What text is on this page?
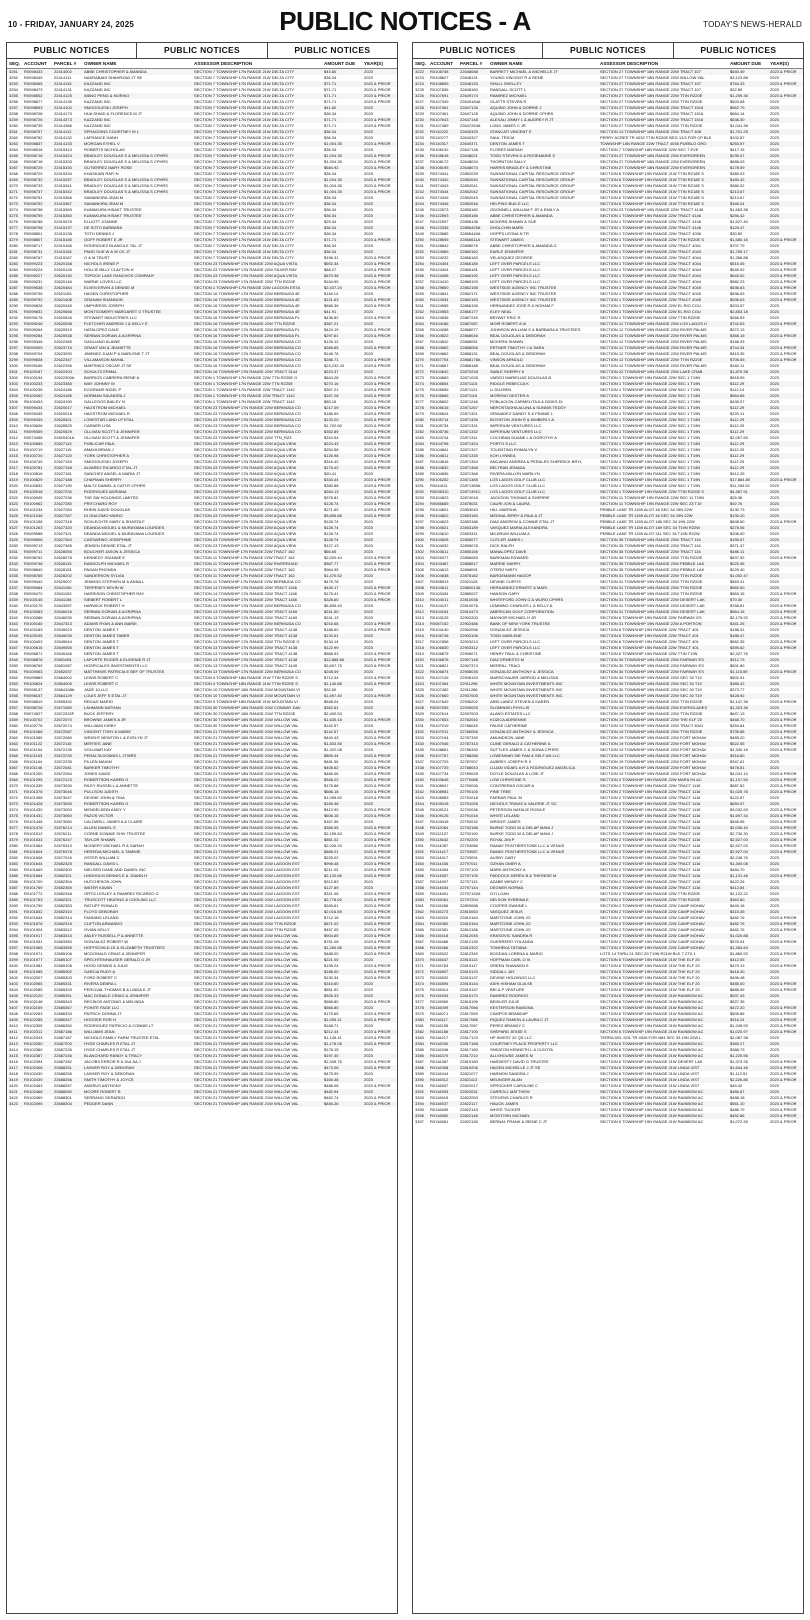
10 - FRIDAY, JANUARY 24, 2025	PUBLIC NOTICES - A	TODAY'S NEWS-HERALD
PUBLIC NOTICES	PUBLIC NOTICES	PUBLIC NOTICES
SEQ. ACCOUNT	PARCEL #	OWNER NAME	ASSESSOR DESCRIPTION	AMOUNT DUE	YEAR(S)
3251	R0098433	22414002	ABBE CHRISTOPHER & AMANDA	SECTION 7 TOWNSHIP 17N RANGE 21W DELTA CITY	$43.60	2023
3252	R0098449	22414111	NASRABADI SHAHRZAD JT SE	SECTION 7 TOWNSHIP 17N RANGE 21W DELTA CITY	$36.34	2023
3253	R0098465	22414115	KAZZAND INC	SECTION 7 TOWNSHIP 17N RANGE 21W DELTA CITY	$71.71	2023 & PRIOR
3254	R0098473	22414131	KAZZAND INC	SECTION 7 TOWNSHIP 17N RANGE 21W DELTA CITY	$71.71	2023 & PRIOR
3255	R0098502	22414125	WANG PENG & NORIKO	SECTION 7 TOWNSHIP 17N RANGE 21W DELTA CITY	$71.71	2023 & PRIOR
3256	R0098677	22414135	KAZZAND INC	SECTION 7 TOWNSHIP 17N RANGE 21W DELTA CITY	$71.71	2023 & PRIOR
3257	R0098693	22414102	SMOGOLESKI JOSEPH	SECTION 7 TOWNSHIP 17N RANGE 21W DELTA CITY	$41.82	2023
3258	R0098708	22414173	HUA SHIAD & FLORENCE M JT	SECTION 7 TOWNSHIP 17N RANGE 21W DELTA CITY	$36.34	2023
3259	R0098726	22414373	KAZZAND INC	SECTION 7 TOWNSHIP 17N RANGE 21W DELTA CITY	$71.71	2023 & PRIOR
3260	R0098735	22414386	KAZZAND INC	SECTION 7 TOWNSHIP 17N RANGE 21W DELTA CITY	$71.71	2023 & PRIOR
3261	R0098757	22414112	SPRAGGINS COURTNEY M L	SECTION 7 TOWNSHIP 17N RANGE 21W DELTA CITY	$36.34	2023
3262	R0098782	22414132	LAFRANCE HANH	SECTION 7 TOWNSHIP 17N RANGE 21W DELTA CITY	$36.34	2023
3263	R0098837	22414133	MORGAN ETHEL V	SECTION 7 TOWNSHIP 17N RANGE 21W DELTA CITY	$1,004.35	2023 & PRIOR
3264	R0098918	22415313	ROBERTS NICHOLAS	SECTION 7 TOWNSHIP 17N RANGE 21W DELTA CITY	$36.34	2023
3265	R0098716	22415324	BRADLEY DOUGLAS S & MELISSA S CPHRS	SECTION 7 TOWNSHIP 17N RANGE 21W DELTA CITY	$1,004.35	2023 & PRIOR
3266	R0098718	22415325	BRADLEY DOUGLAS S & MELISSA S CPHRS	SECTION 7 TOWNSHIP 17N RANGE 21W DELTA CITY	$1,004.35	2023 & PRIOR
3267	R0098729	22415330	GUTIERREZ MARY ROSE	SECTION 7 TOWNSHIP 17N RANGE 21W DELTA CITY	$684.92	2023 & PRIOR
3268	R0098729	22415334	KHASKIAN RAFI N	SECTION 7 TOWNSHIP 17N RANGE 21W DELTA CITY	$36.34	2023
3269	R0098732	22415337	BRADLEY DOUGLAS S & MELISSA S CPHRS	SECTION 7 TOWNSHIP 17N RANGE 21W DELTA CITY	$1,004.35	2023 & PRIOR
3270	R0098733	22415341	BRADLEY DOUGLAS S & MELISSA S CPHRS	SECTION 7 TOWNSHIP 17N RANGE 21W DELTA CITY	$1,004.35	2023 & PRIOR
3271	R0098737	22415342	BRADLEY DOUGLAS S & MELISSA S CPHRS	SECTION 7 TOWNSHIP 17N RANGE 21W DELTA CITY	$1,004.35	2023 & PRIOR
3272	R0098751	22415366	SAMANKIRA JEAN M	SECTION 7 TOWNSHIP 17N RANGE 21W DELTA CITY	$36.34	2023
3273	R0098752	22415367	SAMANKIRA JEAN M	SECTION 7 TOWNSHIP 17N RANGE 21W DELTA CITY	$36.34	2023
3274	R0098758	22415369	KUMAKURA HISAKT TRUSTEE	SECTION 7 TOWNSHIP 17N RANGE 21W DELTA CITY	$36.34	2023
3275	R0098759	22415360	KUMAKURA HISAKT TRUSTEE	SECTION 7 TOWNSHIP 17N RANGE 21W DELTA CITY	$36.34	2023
3276	R0098788	22415375	ELLIOTT JOANNE	SECTION 7 TOWNSHIP 17N RANGE 21W DELTA CITY	$25.34	2023
3277	R0098798	22415137	DE SOTO BARBARA	SECTION 7 TOWNSHIP 17N RANGE 21W DELTA CITY	$36.34	2023
3278	R0098801	22415138	TOTH DENNIS J	SECTION 7 TOWNSHIP 17N RANGE 21W DELTA CITY	$36.34	2023
3279	R0098807	22415185	GOFF ROBERT E JR	SECTION 7 TOWNSHIP 17N RANGE 21W DELTA CITY	$71.71	2023 & PRIOR
3280	R0098717	22415166	RODRIGUEZ BLANCA E TAL JT	SECTION 7 TOWNSHIP 17N RANGE 21W DELTA CITY	$36.34	2023
3281	R0098731	22415182	PANG SUK W & W CK JT	SECTION 7 TOWNSHIP 17N RANGE 21W DELTA CITY	$36.34	2023
3282	R0098767	22415167	O & M TRUST	SECTION 7 TOWNSHIP 17N RANGE 21W DELTA CITY	$196.31	2023 & PRIOR
3283	R0099223	22620158	NICHOLS IRENE P	SECTION 23 TOWNSHIP 17N RANGE 22W AQUA VISTA	$692.34	2023 & PRIOR
3284	R0099224	22620126	HOLLIE BILLY CLAYTON H	SECTION 23 TOWNSHIP 17N RANGE 22W SILVER RAY	$88.27	2023 & PRIOR
3285	R0099227	22620130	TOPOCK LAKE RANCHOS COMPANY	SECTION 23 TOWNSHIP 17N RANGE 22W AQUA VISTA	$670.38	2023 & PRIOR
3286	R0099231	22620146	WARNE LOVES LLC	SECTION 23 TOWNSHIP 17N RANGE 22W TTN RZ20E	$184.90	2023 & PRIOR
3287	R0099638	22620484	ELVEN ERVIN & DENISE M	SECTION 1 TOWNSHIP 17N RANGE 22W LAGOON ESTA	$2,437.24	2023 & PRIOR
3288	R0099736	22621105	HAGEN CHRISTOPHER	SECTION 16 TOWNSHIP 17N RANGE 22W BERMUDA 4E	$118.14	2023
3289	R0099792	22621408	GRAHAM SHANNON	SECTION 16 TOWNSHIP 17N RANGE 22W BERMUDA 4E	$121.63	2023 & PRIOR
3290	R0099826	22620345	UMPHRESS JOSEPH	SECTION 16 TOWNSHIP 17N RANGE 22W BERMUDA 4E	$666.36	2023 & PRIOR
3291	R0099831	22620666	MONTGOMERY MARGARET G TRUSTEE	SECTION 16 TOWNSHIP 17N RANGE 22W BERMUDA 4E	$41.91	2023
3292	R0099176	22620526	STEWART INDUSTRIES LLC	SECTION 16 TOWNSHIP 17N RANGE 22W BERMUDA PL	$436.82	2023 & PRIOR
3293	R0099246	22620598	FLETCHER ANDREW J & KELLY E	SECTION 16 TOWNSHIP 17N RANGE 22W TTN RZ20E	$367.21	2023
3294	R0099264	22620519	HATALOPEZ DALE	SECTION 16 TOWNSHIP 17N RANGE 22W BERMUDA PL	$424.19	2023 & PRIOR
3295	R0099284	22620538	SERBAN DORIAN & AGRIPINA	SECTION 16 TOWNSHIP 17N RANGE 22W BERMUDA PL	$297.61	2023 & PRIOR
3296	R0099346	22622385	GAGLIANO ALAINE	SECTION 16 TOWNSHIP 17N RANGE 22W BERMUDA CO	$125.12	2023
3297	R0099409	22623715	GRANT IAN & JEANETTE	SECTION 16 TOWNSHIP 17N RANGE 22W BERMUDA CO	$266.65	2023 & PRIOR
3298	R0099704	22623290	JIMENEZ JUAN P & MARLENE T JT	SECTION 16 TOWNSHIP 17N RANGE 22W BERMUDA CO	$146.78	2023
3299	R0099838	22622347	VILLAMASON MAHAL	SECTION 16 TOWNSHIP 17N RANGE 22W BERMUDA CO	$286.71	2023 & PRIOR
3300	R0099166	22622396	MARTINEZ OSCAR JT SE	SECTION 16 TOWNSHIP 17N RANGE 22W BERMUDA CO	$23,232.43	2023 & PRIOR
3301	R0100187	22622403	SCHULTZ ERMAL	SECTION 16 TOWNSHIP 17N RANGE 22W TRACT 3144	$223.37	2023
3302	R0100194	22622300A	BARRIOS CABRERA IRENE A	SECTION 1 TOWNSHIP 17N RANGE 22W TTN RZ20E G	$644.28	2023 & PRIOR
3303	R0100233	22623385	WAY JOHNNY M	SECTION 1 TOWNSHIP 17N RANGE 22W TTN RZ20E	$270.16	2023 & PRIOR
3304	R0100236	22624186	EGGRAMS NIGEL P	SECTION 1 TOWNSHIP 17N RANGE 22W TRACT 1142	$367.21	2023 & PRIOR
3305	R0100452	22624185	NORMAN SAUNDRA J	SECTION 1 TOWNSHIP 17N RANGE 22W TRACT 1142	$167.28	2023 & PRIOR
3306	R0100453	22624190	GALLEGOS BAILEY N	SECTION 1 TOWNSHIP 17N RANGE 22W TRACT 1142	$85.16	2023 & PRIOR
3307	R0099434	22620017	HAGSTROM MICHAEL	SECTION 23 TOWNSHIP 17N RANGE 22W BERMUDA CO	$217.09	2023 & PRIOR
3308	R0099435	22620018	HAGSTROM MICHAEL R	SECTION 23 TOWNSHIP 17N RANGE 22W BERMUDA CO	$186.59	2023 & PRIOR
3309	R0099439	22620521	LONESTAR LAND LP ETAL	SECTION 23 TOWNSHIP 17N RANGE 22W BERMUDA CO	$133.20	2023 & PRIOR
3310	R0100606	22626525	CARNER LISA	SECTION 23 TOWNSHIP 17N RANGE 22W BERMUDA CO	$1,792.60	2023 & PRIOR
3311	R0099359	22620529	OLLIVAN SCOTT & JENNIFER	SECTION 23 TOWNSHIP 17N RANGE 22W BERMUDA CO	$352.89	2023 & PRIOR
3312	R0074458	22820401A	OLLIVAN SCOTT & JENNIFER	SECTION 23 TOWNSHIP 17N RANGE 22W TTN_RZZ	$310.94	2023 & PRIOR
3313	R0100689	22627113	PUBLICAR PAUL	SECTION 23 TOWNSHIP 17N RANGE 22W AQUA VIEW	$224.43	2023 & PRIOR
3314	R0100719	22627115	AMAYA BRIAN J	SECTION 23 TOWNSHIP 17N RANGE 22W AQUA VIEW	$254.58	2023 & PRIOR
3315	R0100720	22627120	YORK CHRISTOPHER A	SECTION 23 TOWNSHIP 17N RANGE 22W AQUA VIEW	$126.98	2023 & PRIOR
3316	R0100749	22627153	SMOGOLESKI JOSEPH	SECTION 23 TOWNSHIP 17N RANGE 22W AQUA VIEW	$316.42	2023 & PRIOR
3317	R0100781	22627158	ALVAREZ RICARDO ETAL JT	SECTION 23 TOWNSHIP 17N RANGE 22W AQUA VIEW	$175.42	2023 & PRIOR
3318	R0100816	22627181	SANCHEZ ANGEL & MARIA JT	SECTION 23 TOWNSHIP 17N RANGE 22W AQUA VIEW	$20.41	2023
3319	R0100829	22627188	CHAPMAN SHERRY	SECTION 23 TOWNSHIP 17N RANGE 22W AQUA VIEW	$333.44	2023 & PRIOR
3320	R0100832	22627190	MALTZ DANIEL & CATHY CPHRS	SECTION 23 TOWNSHIP 17N RANGE 22W AQUA VIEW	$380.88	2023 & PRIOR
3321	R0100918	22627230	RODRIGUEZ ADRIANA	SECTION 23 TOWNSHIP 17N RANGE 22W AQUA VIEW	$284.13	2023 & PRIOR
3322	R0100945	22627236	THE SW HOLDINGS LIMITED	SECTION 23 TOWNSHIP 17N RANGE 22W AQUA VIEW	$378.81	2023 & PRIOR
3323	R0100962	22627280	PRITCHARD ROY	SECTION 23 TOWNSHIP 17N RANGE 22W AQUA VIEW	$128.74	2023 & PRIOR
3324	R0101034	22627283	RHEIN DAVID DOUGLAS	SECTION 23 TOWNSHIP 17N RANGE 22W AQUA VIEW	$271.60	2023 & PRIOR
3325	R0101036	22627287	DI GIACOMO MARIO	SECTION 23 TOWNSHIP 17N RANGE 22W AQUA VIEW	$5,855.88	2023 & PRIOR
3326	R0101038	22627318	SCHLECHTE MARY & SHASTA F	SECTION 23 TOWNSHIP 17N RANGE 22W AQUA VIEW	$128.74	2023
3327	R0101263	22627320	DEANDA MIGUEL & MURAYAMA LOURDES	SECTION 23 TOWNSHIP 17N RANGE 22W AQUA VIEW	$128.74	2023
3328	R0099588	22627321	DEANDA MIGUEL & MURAYAMA LOURDES	SECTION 23 TOWNSHIP 17N RANGE 22W AQUA VIEW	$128.74	2023
3329	R0099606	22627364	CASSARINO JOSEPHINE	SECTION 23 TOWNSHIP 17N RANGE 22W AQUA VIEW	$128.74	2023
3330	R0099713	22627365	JENSEN DENISE ETAL JT	SECTION 23 TOWNSHIP 17N RANGE 22W AQUA VIEW	$127.13	2023
3331	R0099711	22628055	BOUCHER JASON & JESSICA	SECTION 11 TOWNSHIP 17N RANGE 22W TRACT 162	$66.65	2023
3332	R0098762	22628078	KENNEDY JEANNIE E	SECTION 11 TOWNSHIP 17N RANGE 22W TRACT 162	$2,520.44	2023 & PRIOR
3333	R0099748	22628115	RANDOLPH MICHAEL R	SECTION 11 TOWNSHIP 17N RANGE 22W RIVERROAD	$567.77	2023 & PRIOR
3334	R0098840	22628181	PAGAN RHONDA	SECTION 11 TOWNSHIP 17N RANGE 22W TRACT 162	$964.95	2023 & PRIOR
3335	R0098765	22628202	SANDERSON SYLVIA	SECTION 11 TOWNSHIP 17N RANGE 22W TRACT 162	$1,470.52	2023
3336	R0099442	22629007	JENKINS STEPHEN M & ANNA L	SECTION 11 TOWNSHIP 17N RANGE 22W BERMUDA CO	$475.78	2023
3337	R0099464	22641106	TERPENEY KEVIN W	SECTION 14 TOWNSHIP 17N RANGE 22W TRACT 1166	$426.17	2023 & PRIOR
3338	R0099470	22641153	HARRISON CHRISTOPHER RAY	SECTION 14 TOWNSHIP 17N RANGE 22W TRACT 1166	$175.41	2023 & PRIOR
3339	R0100145	22641156	SIEBERT ROBERT L	SECTION 14 TOWNSHIP 17N RANGE 22W TRACT 1166	$328.60	2023 & PRIOR
3340	R0100175	22643057	HARWICK ROBERT H	SECTION 13 TOWNSHIP 17N RANGE 22W BERMUDA CO	$6,805.40	2023
3341	R0100083	22646016	SERBAN DORIAN & AGRIPINA	SECTION 13 TOWNSHIP 17N RANGE 22W TRACT 4160	$241.50	2023
3342	R0100086	22646030	SERBAN DORIAN & AGRIPINA	SECTION 13 TOWNSHIP 17N RANGE 22W TRACT 4160	$241.13	2023
3343	R0100180	22647313	ADAMS RYAN & ANN MARIE	SECTION 13 TOWNSHIP 17N RANGE 22W BERMUDA CO	$216.68	2023 & PRIOR
3344	R0100183	22649023	DENTON JAMES T	SECTION 13 TOWNSHIP 17N RANGE 22W TRACT 4138	$188.60	2023 & PRIOR
3345	R0100195	22649035	DENTON JAMES TABER	SECTION 13 TOWNSHIP 17N RANGE 22W TRACT 4138	$134.51	2023
3346	R0100403	22649044	DENTON JAMES T	SECTION 13 TOWNSHIP 17N RANGE 22W TTN RZ20E G	$134.14	2023
3347	R0100616	22649055	DENTON JAMES T	SECTION 13 TOWNSHIP 17N RANGE 22W TRACT 4138	$122.99	2023
3348	R0098871	22649166	DENTON JAMES T	SECTION 13 TOWNSHIP 17N RANGE 22W TRACT 4138	$566.93	2023 & PRIOR
3349	R0098876	22651081	LAPORTE ROGER & EUGENIE R JT	SECTION 13 TOWNSHIP 17N RANGE 22W TRACT 4138	$12,888.66	2023 & PRIOR
3350	R0098769	22651087	HOSPICALES INVESTMENTS LLC	SECTION 13 TOWNSHIP 17N RANGE 22W TRACT 4140	$3,697.75	2023 & PRIOR
3351	R0100063	22652037	MATTHEWS PATRICIA E BEF OF TRUSTEE	SECTION 13 TOWNSHIP 17N RANGE 22W BERMUDA CO	$248.09	2023
3352	R0099883	22664002	LEWIS ROBERT C	SECTION 4 TOWNSHIP 18N RANGE 21W TTIN RZ20E S	$712.34	2023 & PRIOR
3353	R0100624	22664005	LEWIS ROBERT C	SECTION 4 TOWNSHIP 18N RANGE 21W TTIN RZ20E S	$1,140.88	2023 & PRIOR
3354	R0098137	22664108A	JADE 10 LLC	SECTION 10 TOWNSHIP 18N RANGE 21W MOUNTAIN VI	$32.60	2023
3355	R0098157	22664129	LOUIS JEFF S ETAL JT	SECTION 10 TOWNSHIP 18N RANGE 21W MOUNTAIN VI	$1,697.40	2023 & PRIOR
3356	R0098819	22655332	REDAZI MARIO	SECTION 5 TOWNSHIP 18N RANGE 21W MOUNTAIN VI	$548.04	2023
3357	R0098726	22671080	LAHMANN NATHAN	SECTION 30 TOWNSHIP 18N RANGE 21W CONWAY DAV	$352.61	2023
3358	R0074527	22672332F	BUCK JEFFERY	SECTION 30 TOWNSHIP 18N RANGE 21W TTN RZ20E	$2,400.53	2023
3359	R0100702	22672070	BROWNE JAMES A JR	SECTION 30 TOWNSHIP 18N RANGE 21W WILLOW VAL	$1,630.18	2023 & PRIOR
3360	R0100778	22672074	WILLIAMS KIRBY	SECTION 30 TOWNSHIP 18N RANGE 21W WILLOW VAL	$142.57	2023
3361	R0101066	22672087	VINCENT TONY & MARIE	SECTION 21 TOWNSHIP 18N RANGE 21W WILLOW VAL	$142.57	2023 & PRIOR
3362	R0101085	22672080	WRIGHT NEWTON L & EVELYN JT	SECTION 21 TOWNSHIP 18N RANGE 21W WILLOW VAL	$440.43	2023 & PRIOR
3363	R0101122	22672116	MERTES JANE	SECTION 21 TOWNSHIP 18N RANGE 21W WILLOW VAL	$1,833.55	2023 & PRIOR
3364	R0101154	22672135	VOLLMAR KAY	SECTION 21 TOWNSHIP 18N RANGE 21W WILLOW VAL	$1,322.08	2023
3365	R0101163	22672230	PERALTA DONNIS L JTWRS	SECTION 21 TOWNSHIP 18N RANGE 21W WILLOW VAL	$809.44	2023 & PRIOR
3366	R0101164	22672235	FILLEN MAXIM	SECTION 21 TOWNSHIP 18N RANGE 21W WILLOW VAL	$481.56	2023 & PRIOR
3367	R0101146	22672081	BARKER TIMOTHY	SECTION 21 TOWNSHIP 18N RANGE 21W WILLOW VAL	$408.62	2023 & PRIOR
3368	R0101200	22672084	JONES DAVID	SECTION 21 TOWNSHIP 18N RANGE 21W WILLOW VAL	$466.06	2023 & PRIOR
3369	R0101295	22672123	ROBERTSON KAREN G	SECTION 21 TOWNSHIP 18N RANGE 21W WILLOW VAL	$548.22	2023 & PRIOR
3370	R0101335	22673030	RILEY RUSSELL & ANNETTE	SECTION 21 TOWNSHIP 18N RANGE 21W WILLOW VAL	$176.88	2023 & PRIOR
3371	R0101376	22673046	PULLSON JUDITH	SECTION 21 TOWNSHIP 18N RANGE 21W WILLOW VAL	$686.18	2023 & PRIOR
3372	R0101398	22673047	DEVINE JOHN & TINA	SECTION 21 TOWNSHIP 18N RANGE 21W WILLOW VAL	$1,095.82	2023 & PRIOR
3373	R0101428	22673055	ROBERTSON KAREN G	SECTION 21 TOWNSHIP 18N RANGE 21W WILLOW VAL	$165.48	2023
3374	R0101430	22673053	MENDELSEIN ANDY Y	SECTION 21 TOWNSHIP 18N RANGE 21W WILLOW VAL	$412.90	2023 & PRIOR
3375	R0101431	22673060	PAZOS VICTOR	SECTION 21 TOWNSHIP 18N RANGE 21W WILLOW VAL	$606.18	2023 & PRIOR
3376	R0101446	22673080	CALDWELL JAMES A & CLAIRE	SECTION 21 TOWNSHIP 18N RANGE 21W WILLOW VAL	$167.56	2023
3377	R0101476	22676214	ALLEN DANIEL E	SECTION 21 TOWNSHIP 18N RANGE 21W WILLOW VAL	$356.55	2023 & PRIOR
3378	R0101512	22676211	CORNE DONNIE SHIV TRUSTEE	SECTION 21 TOWNSHIP 18N RANGE 21W WILLOW VAL	$2,159.63	2023 & PRIOR
3379	R0101533	22676247	TAYLOR SHAWN	SECTION 21 TOWNSHIP 18N RANGE 21W WILLOW VAL	$861.02	2023 & PRIOR
3380	R0101564	22676313	MCINERY MICHAEL R & SARAH	SECTION 21 TOWNSHIP 18N RANGE 21W WILLOW VAL	$2,026.20	2023 & PRIOR
3381	R0101604	22676378	HEREDIA MICHAEL & TAMMIE	SECTION 21 TOWNSHIP 18N RANGE 21W WILLOW VAL	$666.21	2023 & PRIOR
3382	R0101606	22677016	OSTER WILLIAM C	SECTION 21 TOWNSHIP 18N RANGE 21W WILLOW VAL	$225.02	2023 & PRIOR
3383	R0101644	22682325	RANDALL DAVID L	SECTION 21 TOWNSHIP 18N RANGE 21W LAGOON EST	$998.48	2023 & PRIOR
3384	R0101669	22682300	NIELSEN DANE AND DANIEL INC	SECTION 21 TOWNSHIP 18N RANGE 21W LAGOON EST	$211.03	2023 & PRIOR
3385	R0101684	22682321	LINDHOLM DENNIS E & JOANN H	SECTION 21 TOWNSHIP 18N RANGE 21W LAGOON EST	$2,120.66	2023 & PRIOR
3386	R0101700	22682354	HUTCHESON JOHN	SECTION 21 TOWNSHIP 18N RANGE 21W LAGOON EST	$312.83	2023
3387	R0101769	22682365	WATER KAVAN	SECTION 21 TOWNSHIP 18N RANGE 21W LAGOON EST	$127.89	2023
3388	R0101772	22682348	ORTIZ LESLEY & RAMIREZ RICARDO G	SECTION 21 TOWNSHIP 18N RANGE 21W LAGOON EST	$321.06	2023 & PRIOR
3389	R0101783	22682321	TRUSCOTT HEATING & COOLING LLC	SECTION 21 TOWNSHIP 18N RANGE 21W LAGOON EST	$2,778.62	2023 & PRIOR
3390	R0101790	22682353	RATLIFF RONALD	SECTION 21 TOWNSHIP 18N RANGE 21W LAGOON EST	$345.61	2023 & PRIOR
3391	R0101832	22682310	FLOYD DEBORAH	SECTION 21 TOWNSHIP 18N RANGE 21W LAGOON EST	$2,016.69	2023 & PRIOR
3392	R0101844	22682314	FANNING LELAND	SECTION 21 TOWNSHIP 18N RANGE 21W LAGOON EST	$712.16	2023 & PRIOR
3393	R0101876	22682315	CLIFTON ARMANDO	SECTION 21 TOWNSHIP 18N RANGE 21W TTIN RZ20E	$671.02	2023 & PRIOR
3394	R0101904	22683312	OVIAN KELLY	SECTION 21 TOWNSHIP 18N RANGE 21W TTIN RZ20E	$457.05	2023 & PRIOR
3395	R0101917	22683315	ANLEY RUSSELL P & ANNETTE	SECTION 21 TOWNSHIP 18N RANGE 21W WILLOW VAL	$904.85	2023 & PRIOR
3396	R0101931	22683350	GONZALEZ ROBERT W	SECTION 21 TOWNSHIP 18N RANGE 21W WILLOW VAL	$751.08	2023 & PRIOR
3397	R0101965	22683359	HOFFSCHILD LE & ELIZABETH TRUSTEES	SECTION 21 TOWNSHIP 18N RANGE 21W WILLOW VAL	$1,260.56	2023 & PRIOR
3398	R0101971	22685106	MCDONALD CRAIG & JENNIFER	SECTION 21 TOWNSHIP 18N RANGE 21W WILLOW VAL	$488.00	2023 & PRIOR
3399	R0101977	22685107	SPECHTENHAUSER GERALD O JR	SECTION 21 TOWNSHIP 18N RANGE 21W WILLOW VAL	$221.00	2023
3400	R0101981	22685108	HOOD DENNIS & JULIE	SECTION 21 TOWNSHIP 18N RANGE 21W WILLOW VAL	$195.24	2023 & PRIOR
3401	R0101985	22685302	GARCIA RUDY A	SECTION 21 TOWNSHIP 18N RANGE 21W WILLOW VAL	$188.00	2023 & PRIOR
3402	R0102007	22685303	FORD ROBERT C	SECTION 21 TOWNSHIP 18N RANGE 21W WILLOW VAL	$130.34	2023 & PRIOR
3403	R0102065	22685331	RIVERA DEBRA L	SECTION 21 TOWNSHIP 18N RANGE 21W WILLOW VAL	$316.60	2023
3404	R0102085	22685333	PERCIVAL THOMAS B & LINDA K JT	SECTION 21 TOWNSHIP 18N RANGE 21W WILLOW VAL	$551.52	2023
3405	R0102120	22685351	MAC DONALD CRAIG & JENNIFER	SECTION 21 TOWNSHIP 18N RANGE 21W WILLOW VAL	$526.33	2023
3406	R0102148	22685343	RECINOS ANTONIO & MELINDA	SECTION 21 TOWNSHIP 18N RANGE 21W WILLOW VAL	$566.80	2023 & PRIOR
3407	R0102159	22685367	POINTE FAGE LLC	SECTION 21 TOWNSHIP 18N RANGE 21W WILLOW VAL	$566.80	2023
3408	R0102263	22686333	PATRICK DONNA JT	SECTION 21 TOWNSHIP 18N RANGE 21W WILLOW VAL	$175.65	2023 & PRIOR
3409	R0102285	22686347	HOGGER ROR H	SECTION 21 TOWNSHIP 18N RANGE 21W WILLOW VAL	$1,095.11	2023 & PRIOR
3410	R0102305	22686350	RODRIGUEZ PATRICIO & CONNIE LT	SECTION 21 TOWNSHIP 18N RANGE 21W WILLOW VAL	$168.71	2023
3411	R0102311	22687186	WILLIAMS JEAN	SECTION 21 TOWNSHIP 18N RANGE 21W WILLOW VAL	$212.44	2023 & PRIOR
3412	R0102343	22687187	NICHOLS FAMILY FARM TRUSTEE ETAL	SECTION 21 TOWNSHIP 18N RANGE 21W WILLOW VAL	$1,145.41	2023 & PRIOR
3413	R0102350	22687200	HYDE CHARLES R ETAL JT	SECTION 21 TOWNSHIP 18N RANGE 21W WILLOW VAL	$1,176.26	2023 & PRIOR
3414	R0102380	22687226	HYDE CHARLES R ETAL JT	SECTION 21 TOWNSHIP 18N RANGE 21W WILLOW VAL	$178.15	2023
3415	R0102387	22687246	BLANCHARD RANDY & TRACY	SECTION 21 TOWNSHIP 18N RANGE 21W WILLOW VAL	$197.30	2023
3416	R0102394	22687282	JACOBS ERROR R & DULSA J	SECTION 21 TOWNSHIP 18N RANGE 21W WILLOW VAL	$2,349.76	2023 & PRIOR
3417	R0102408	22688251	LASHER ROY & DEBORAH	SECTION 21 TOWNSHIP 18N RANGE 21W WILLOW VAL	$473.06	2023 & PRIOR
3418	R0102430	22688255	LASHER ROY & DEBORAH	SECTION 21 TOWNSHIP 18N RANGE 21W WILLOW VAL	$475.99	2023
3419	R0102439	22688256	SMITH TIMOTHY & JOYCE	SECTION 21 TOWNSHIP 18N RANGE 21W WILLOW VAL	$165.48	2023
3420	R0102463	22688257	ANDRUS ANTHONY	SECTION 21 TOWNSHIP 18N RANGE 21W WILLOW VAL	$488.08	2023 & PRIOR
3421	R0102468	22688260	MOORE ROBERT B	SECTION 21 TOWNSHIP 18N RANGE 21W WILLOW VAL	$482.94	2023
3422	R0102469	22688301	SERRANO GERARDO	SECTION 21 TOWNSHIP 18N RANGE 21W WILLOW VAL	$462.74	2023 & PRIOR
3423	R0102495	22688304	PEDDER DANN	SECTION 21 TOWNSHIP 18N RANGE 21W WILLOW VAL	$846.26	2023 & PRIOR
PUBLIC NOTICES	PUBLIC NOTICES	PUBLIC NOTICES
SEQ. ACCOUNT	PARCEL #	OWNER NAME	ASSESSOR DESCRIPTION	AMOUNT DUE	YEAR(S)
3222	R0108758	22648088	BARRETT MICHAEL & MICHELLE JT	SECTION 27 TOWNSHIP 18N RANGE 22W TRACT 107	$640.49	2023 & PRIOR
3223	R0108627	22648131	YOUNG VINCENT R & RENE	SECTION 27 TOWNSHIP 18N RANGE 22W WILLOW VAL	$3,123.88	2023
3224	R0108609	22648133	SHULL SHELLEY	SECTION 27 TOWNSHIP 18N RANGE 22W TRACT 107	$764.33	2023 & PRIOR
3225	R0107836	22648160	RANDALL SCOTT L	SECTION 27 TOWNSHIP 18N RANGE 22W TRACT 107	$32.85	2023
3226	R0107691	22649174	RAMIREZ MICHAEL	SECTION 27 TOWNSHIP 18N RANGE 22W TTIN RZ20E	$1,259.36	2023 & PRIOR
3227	R0107349	22649184A	GLATTS STEVEN R	SECTION 27 TOWNSHIP 18N RANGE 22W TTIN RZ20E	$503.68	2023
3228	R0107461	22647126	AQUINO JOHN & DORRIE J	SECTION 27 TOWNSHIP 18N RANGE 22W TRACT 1516	$562.79	2023
3229	R0107461	22647128	AQUINO JOHN & DORRIE CPHRS	SECTION 27 TOWNSHIP 18N RANGE 22W TRACT 1516	$664.14	2023
3230	R0107643	22647148	ALEXALI JIMMY L & AUDREY R JT	SECTION 27 TOWNSHIP 18N RANGE 22W TRACT 1516	$638.30	2023
3231	R0107489	22647264A	LONG JAMES C JR	SECTION 27 TOWNSHIP 18N RANGE 22W TTIN RZ20E	$1,041.38	2023
3232	R0110222	22640325	STANCATI VINCENT E	SECTION 13 TOWNSHIP 18N RANGE 22W TRACT 408	$1,701.25	2023
3233	R0110277	22640327	SAUL TRICIA	PERRY ACRES TR 4032 TTIN RZ20E BEG 13.5 FOR CP BLK	$102.87	2023
3234	R0110317	22640371	DENTON JAMES T	TOWNSHIP 18N RANGE 22W TRACT 4036 PUEBLO GRO	$253.57	2023
3235	R0108132	22647138	FLORES MARIAH	SECTION 7 TOWNSHIP 18N RANGE 22W SEC 7 EVE	$417.15	2023
3236	R0108618	22648021	TODD STEVEN D & ROSEMARIE S	SECTION 27 TOWNSHIP 18N RANGE 22W EVERGREEN	$235.07	2023
3237	R0108172	22648034	THORNTON SALLY	SECTION 27 TOWNSHIP 18N RANGE 22W EVERGREEN	$688.03	2023
3238	R0108195	22648074	HARRIS BRADLEY & CHRISTINE	SECTION 27 TOWNSHIP 18N RANGE 22W EVERGREEN	$178.59	2023
3239	R0374341	22852039	SUNSATIONAL CAPITAL RESOURCE GROUP	SECTION 6 TOWNSHIP 19N RANGE 21W TTIN RZ18E S	$380.03	2023
3240	R0374342	22852040	SUNSATIONAL CAPITAL RESOURCE GROUP	SECTION 6 TOWNSHIP 19N RANGE 21W TTIN RZ18E S	$180.32	2023
3241	R0374343	22852041	SUNSATIONAL CAPITAL RESOURCE GROUP	SECTION 6 TOWNSHIP 19N RANGE 21W TTIN RZ18E S	$380.02	2023
3242	R0374344	22852042	SUNSATIONAL CAPITAL RESOURCE GROUP	SECTION 6 TOWNSHIP 19N RANGE 21W TTIN RZ18E S	$213.67	2023
3243	R0374345	22852043	SUNSATIONAL CAPITAL RESOURCE GROUP	SECTION 6 TOWNSHIP 19N RANGE 21W TTIN RZ18E S	$213.67	2023
3244	R0374346	22852046	HELPING BUILD LLC	SECTION 6 TOWNSHIP 19N RANGE 21W TTIN RZ18E S	$348.24	2023
3245	R0122573	22855180	ODONNELL WILLIAM F JR & EMILY A	SECTION 23 TOWNSHIP 19N RANGE 22W TRACT 4146	$1,663.38	2023
3246	R0122593	22855186	ABBE CHRISTOPHER & AMANDA	SECTION 1 TOWNSHIP 19N RANGE 22W TRACT 4146	$256.42	2023
3247	R0122597	22856136	MCKERN SHAWN & SUE	SECTION 1 TOWNSHIP 19N RANGE 22W TRACT 4146	$1,527.40	2023
3248	R0122335	22856425A	DHOLCHIN MARK	SECTION 1 TOWNSHIP 19N RANGE 22W TRACT 4146	$129.47	2023
3249	R0123685	22856440A	HOPPS LEONA N TR	SECTION 1 TOWNSHIP 19N RANGE 22W TRACT 4036	$30.80	2023
3250	R0128695	22856611A	STEWART JAMES	SECTION 1 TOWNSHIP 19N RANGE 22W TTIN RZ20E S	$1,580.16	2023 & PRIOR
3251	R0128842	22858076	ABBE CHRISTOPHER & AMANDA G	SECTION 1 TOWNSHIP 19N RANGE 22W TRACT 4041	$707.79	2023
3252	R0124989	22860162	EARLE JENNIFER	SECTION 1 TOWNSHIP 19N RANGE 22W TRACT 4043	$1,769.17	2023
3253	R0124232	22866183	VELASQUEZ GEORGE	SECTION 1 TOWNSHIP 19N RANGE 22W TRACT 4044	$1,366.88	2023
3254	R0124404	22866185	LEFT OVER PARCELS LLC	SECTION 1 TOWNSHIP 19N RANGE 22W TRACT 4044	$515.05	2023 & PRIOR
3255	R0124404	22866181	LEFT OVER PARCELS LLC	SECTION 1 TOWNSHIP 19N RANGE 22W TRACT 4044	$545.52	2023 & PRIOR
3256	R0124408	22866192	LEFT OVER PARCELS LLC	SECTION 1 TOWNSHIP 19N RANGE 22W TRACT 4044	$545.52	2023 & PRIOR
3257	R0124410	22866193	LEFT OVER PARCELS LLC	SECTION 1 TOWNSHIP 19N RANGE 22W TRACT 4044	$582.23	2023 & PRIOR
3258	R0129800	22862158	WESTSIDE AGENCY INC TRUSTEE	SECTION 1 TOWNSHIP 19N RANGE 22W TRACT 4045	$536.63	2023 & PRIOR
3259	R0124841	22862171	WESTSIDE AGENCY INC TRUSTEE	SECTION 1 TOWNSHIP 19N RANGE 22W TRACT 4045	$536.63	2023 & PRIOR
3260	R0124934	22862183	WESTSIDE AGENCY INC TRUSTEE	SECTION 1 TOWNSHIP 19N RANGE 22W TRACT 4045	$536.63	2023 & PRIOR
3261	R0124955	22866196	HERNANDEZ JOSE R & NOHAM F	SECTION 1 TOWNSHIP 19N RANGE 22W EL RIO COU	$203.57	2023
3262	R0124983	22866177	ELEY NEAL	SECTION 1 TOWNSHIP 19N RANGE 22W EL RIO COU	$2,853.18	2023
3263	R0124536	22867245	BRYANT ERIC R	SECTION 1 TOWNSHIP 19N RANGE 22W TTIN RZ20E	$266.53	2023
3264	R0104186	22867087	MOIR ROBERT A III	SECTION 12 TOWNSHIP 19N RANGE 22W LOS LAGOS U	$742.63	2023 & PRIOR
3265	R0104268	22868077	JOHNSON WILLIAM S & BARBARA A TRUSTEES	SECTION 12 TOWNSHIP 19N RANGE 22W RIVER PALMS	$372.13	2023
3266	R0104522	22868046	BEAL DOUGLAS & DEBORAH	SECTION 12 TOWNSHIP 19N RANGE 22W RIVER PALMS	$368.15	2023 & PRIOR
3267	R0104542	22868051	MCKERN SHAWN	SECTION 12 TOWNSHIP 19N RANGE 22W RIVER PALMS	$166.33	2023
3268	R0104562	22868056	ERTNER TIMOTHY J & SARA	SECTION 12 TOWNSHIP 19N RANGE 22W RIVER PALMS	$744.34	2023 & PRIOR
3269	R0104662	22868131	BEAL DOUGLAS & DEBORAH	SECTION 12 TOWNSHIP 19N RANGE 22W RIVER PALMS	$415.35	2023 & PRIOR
3270	R0357704	22868178A	VINSON ARNOLD	SECTION 12 TOWNSHIP 19N RANGE 22W TTIN RZ20E	$706.55	2023 & PRIOR
3271	R0104667	22868188	BEAL DOUGLAS & DEBORAH	SECTION 12 TOWNSHIP 19N RANGE 22W RIVER PALMS	$182.11	2023
3272	R0104642	22870228	SABLE SHERRY K	SECTION 22 TOWNSHIP 19N RANGE 22W LAKE CRAB	$1,870.38	2023
3273	R0104660	22871028	VARGO MARIELIAS DOUGLAS B	SECTION 1 TOWNSHIP 19N RANGE 22W SEC 1 T19N	$518.09	2023
3274	R0105654	22871115	RIDGLE REBECCA K	SECTION 1 TOWNSHIP 19N RANGE 22W SEC 1 T19N	$112.29	2023
3275	R0105655	22871121	LI DUZHEN	SECTION 1 TOWNSHIP 19N RANGE 22W SEC 1 T19N	$112.14	2023
3276	R0105665	22871115	MORENO DEXTER A	SECTION 1 TOWNSHIP 19N RANGE 22W SEC 1 T19N	$564.68	2023
3277	R0105602	22871246	POBLACION CARMELITA A & DIOKS DI	SECTION 1 TOWNSHIP 19N RANGE 22W SEC 1 T19N	$435.07	2023
3278	R0105616	22871267	NEROSTAGHA ALUNA & SUNNIS TEDDY	SECTION 1 TOWNSHIP 19N RANGE 22W SEC 1 T19N	$112.29	2023
3279	R0105624	22871321	GRAVADEZ DANDY S & FRANIE L	SECTION 1 TOWNSHIP 19N RANGE 22W SEC 1 T19N	$220.11	2023
3280	R0105714	22871326	BOYNTON JOHN R & KIMBERLY A	SECTION 1 TOWNSHIP 19N RANGE 22W SEC 1 T19N	$112.29	2023
3281	R0105734	22871331	IMPERIUM VENTURES LLC	SECTION 1 TOWNSHIP 19N RANGE 22W SEC 1 T19N	$112.29	2023
3282	R0105736	22871332	IMPERIUM VENTURES LLC	SECTION 1 TOWNSHIP 19N RANGE 22W SEC 1 T19N	$112.29	2023
3283	R0104744	22871311	COCHRAN DUANE L & DOROTHY A	SECTION 1 TOWNSHIP 19N RANGE 22W SEC 1 T19N	$2,067.83	2023
3284	R0104798	22871324	PORTO S LLC	SECTION 1 TOWNSHIP 19N RANGE 22W SEC 1 T19N	$112.29	2023
3285	R0104841	22871327	TOLENTINO ROMALYN V	SECTION 1 TOWNSHIP 19N RANGE 22W SEC 1 T19N	$112.29	2023
3286	R0104811	22871335	KOH LYNNEA	SECTION 1 TOWNSHIP 19N RANGE 22W SEC 1 T19N	$112.29	2023
3287	R0104816	22871354	ANCIANO ANDREA & PERALES SHERRICK BRYL	SECTION 1 TOWNSHIP 19N RANGE 22W SEC 1 T19N	$112.29	2023
3288	R0104832	22871358	BELTRAN JENADA	SECTION 1 TOWNSHIP 19N RANGE 22W SEC 1 T19N	$112.29	2023
3289	R0104836	22871368	RIVERA-MILLON MARILYN	SECTION 1 TOWNSHIP 19N RANGE 22W SEC 1 T19N	$412.25	2023
3290	R0105252	22871385	LOS LAGOS GOLF CLUB LLC	SECTION 1 TOWNSHIP 19N RANGE 22W SEC 1 T19N	$17,884.80	2023 & PRIOR
3291	R0044111	22871389A	LOS LAGOS GOLF CLUB LLC	SECTION 1 TOWNSHIP 19N RANGE 22W SEC 1 T19N	$11,283.92	2023
3292	R0038310	22871391C	LOS LAGOS GOLF CLUB LLC	SECTION 1 TOWNSHIP 19N RANGE 22W TTIN RZ20E S	$4,387.91	2023
3293	R0104823	22874018	JACKSON THOMAS & SHERRIE	SECTION 11 TOWNSHIP 19N RANGE 22W SEC 11 T19N	$25.36	2023
3294	R0086685	22876031	CAURI JON & LAURA	SECTION 11 TOWNSHIP 19N RANGE 22W SEC 23 T19	$92.76	2023
3295	R0104601	22853040	HILL MARSHA	PEBBLE LAKE TR 1159 ALOT 46 SEC 34 19N 22W	$130.73	2023
3296	R0104822	22853160	MEDINA JERRY & PAULA JT	PEBBLE LAKE TR 1159 ALOT 46 SEC 34 19N 22W	$130.20	2023
3297	R0104623	22853186	DIAZ ANDREW & CONNIE ETAL JT	PEBBLE LAKE TR 1159 ALOT 186 SEC 34 19N 22W	$608.50	2023 & PRIOR
3298	R0104621	22853189	VASQUEZ MARIA ALEXANDRA	PEBBLE LAKE TR 1159 ALOT 189 SEC 34 T19N R22W	$278.06	2023
3299	R0104610	22853311	MILDRUM WILLIAM A	PEBBLE LAKE TR 1159 ALOT 311 SEC 34 T19N R22W	$208.00	2023
3300	R0104628	22855077	CUTLER JAMES I	SECTION 35 TOWNSHIP 19N RANGE 22W TRACT 116	$155.57	2023
3301	R0104032	22855078	DICK RALPH	SECTION 35 TOWNSHIP 19N RANGE 22W TRACT 116	$371.37	2023
3302	R0103611	22855156	MANALOPEZ DAVE	SECTION 35 TOWNSHIP 19N RANGE 22W TRACT 116	$486.11	2023
3303	R0026377	22856083	BARKMAN EDWARD	SECTION 35 TOWNSHIP 19N RANGE 22W TTIN RZ20E	$637.92	2023 & PRIOR
3304	R0103487	22868017	MARRIE HARRY	SECTION 35 TOWNSHIP 19N RANGE 22W PEBBLE LAK	$225.36	2023
3305	R0104613	22868091	OTERO MISTY	SECTION 35 TOWNSHIP 19N RANGE 22W PEBBLE LAK	$225.40	2023
3306	R0104638	22878182	BARGEMANN HAGOP	SECTION 31 TOWNSHIP 19N RANGE 22W TTIN RZ20E	$1,002.47	2023
3307	R0358913	22921128	DEVINE CURTIS	SECTION 31 TOWNSHIP 19N RANGE 22W TTIN RZ20E	$563.41	2023
3308	R0104611	22880013A	HERNANDEZ ERNEST & MARI	SECTION 31 TOWNSHIP 19N RANGE 22W TTIN RZ20E	$565.50	2023
3309	R0103434	22880027	HANSON GARY	SECTION 31 TOWNSHIP 19N RANGE 22W TTIN RZ20E	$563.15	2023 & PRIOR
3310	R0104011	22810036	WHITEFORD JOHN G & WURO CPHRS	SECTION 31 TOWNSHIP 19N RANGE 22W DESERT LAK	$70.30	2023
3311	R0104137	22810076	LEMMING CHARLES L & KELLY A	SECTION 31 TOWNSHIP 19N RANGE 22W DESERT LAK	$768.81	2023 & PRIOR
3312	R0104154	22810473	AMERICAN GOLF CORPORATION	SECTION 31 TOWNSHIP 19N RANGE 22W DESERT LAK	$564.16	2023 & PRIOR
3313	R0103125	22902203	MAYNOR MICHAEL H JR	SECTION 6 TOWNSHIP 19N RANGE 22W FAIRWAY ES	$2,175.92	2023 & PRIOR
3314	R0087152	22902486	BANK OF NEW YORK TRUSTEE	SECTION 31 TOWNSHIP 19N RANGE 22W A PORTION	$341.26	2023 & PRIOR
3315	R0104140	22902096	GONZALEZ JESSICA	SECTION 6 TOWNSHIP 19N RANGE 22W TRACT 401	$188.31	2023
3316	R0106748	22903106	TODD MARLENE	SECTION 6 TOWNSHIP 19N RANGE 22W TRACT 401	$188.47	2023
3317	R0107858	22903213	LEFT OVER PARCELS LLC	SECTION 6 TOWNSHIP 19N RANGE 22W TRACT 401	$562.35	2023 & PRIOR
3318	R0106830	22903312	LEFT OVER PARCELS LLC	SECTION 6 TOWNSHIP 19N RANGE 22W TRACT 401	$395.62	2023 & PRIOR
3319	R0106875	22906071	HENRY PAUL & CHRISTINE	SECTION 6 TOWNSHIP 19N RANGE 22W TTIN T19N	$2,327.76	2023
3320	R0106878	22907148	DIAZ ERNESTO M	SECTION 30 TOWNSHIP 19N RANGE 22W FAIRWAY ES	$312.73	2023
3321	R0106821	22907374	MERRILL TRACI	SECTION 30 TOWNSHIP 19N RANGE 22W FAIRWAY ES	$501.89	2023
3322	R0106874	22908036	GONZALEZ ANTHONY & JESSICA	SECTION 30 TOWNSHIP 19N RANGE 22W FAIRWAY ES	$1,115.59	2023 & PRIOR
3323	R0107126	22908153	MARSCHAUER JARROD & MELISSA	SECTION 30 TOWNSHIP 19N RANGE 22W SEC 30 T19	$502.91	2023
3324	R0107464	22911298	WHITE MOUNTAIN INVESTMENTS INC	SECTION 30 TOWNSHIP 19N RANGE 22W SEC 30 T19	$385.42	2023
3325	R0107482	22911286	WHITE MOUNTAIN INVESTMENTS INC	SECTION 30 TOWNSHIP 19N RANGE 22W SEC 30 T19	$373.77	2023
3326	R0107660	22937005	WHITE MOUNTAIN INVESTMENTS INC	SECTION 30 TOWNSHIP 19N RANGE 22W SEC 30 T19	$428.92	2023
3327	R0107649	22936202	ARELLANEZ STEVEN & KAREN	SECTION 30 TOWNSHIP 19N RANGE 22W TTIN RZ20E	$1,147.36	2023 & PRIOR
3328	R0267935	22939025	SLOMINSKI PHYLLIS	SECTION 19 TOWNSHIP 19N RANGE 22W EVERGLADES	$1,323.36	2023
3329	R0107614	22937003	ALANO ESTATES LLC	SECTION 19 TOWNSHIP 19N RANGE 22W TTIN RZ20E	$647.13	2023 & PRIOR
3330	R0107653	22782040	KOZICA ADRIENNE	SECTION 19 TOWNSHIP 19N RANGE 22W THE ELF 20	$468.70	2023 & PRIOR
3331	R0107019	22786045	PAUSE CATHERINE	SECTION 19 TOWNSHIP 19N RANGE 22W TRACT 4041	$254.84	2023 & PRIOR
3332	R0107011	22786056	GONZALEZ ANTHONY & JESSICA	SECTION 19 TOWNSHIP 19N RANGE 22W TTIN RZ20E	$735.88	2023 & PRIOR
3333	R0107194	22787330	AMUNDSON JANE	SECTION 19 TOWNSHIP 19N RANGE 22W FORT MOHAV	$489.20	2023 & PRIOR
3334	R0107046	22787315	CLIBE GERALD & CATHERINE A	SECTION 19 TOWNSHIP 19N RANGE 22W FORT MOHAV	$522.55	2023 & PRIOR
3335	R0108661	22786330	SUTTLES JAMES C & SONIA CPHRS	SECTION 19 TOWNSHIP 19N RANGE 22W FORT MOHAV	$1,340.16	2023 & PRIOR
3336	R0107767	22788286	LOWENHAR SIE FAM & SELF AN LLC	SECTION 19 TOWNSHIP 19N RANGE 22W FORT MOHAV	$316.80	2023
3337	R0107703	22787007	AUBREY JOSEPH R II	SECTION 19 TOWNSHIP 19N RANGE 22W FORT MOHAV	$347.61	2023
3338	R0107725	22788043	LUJAN VIDAEL A R & RODRIGUEZ ANGELICA	SECTION 19 TOWNSHIP 19N RANGE 22W FORT MOHAV	$478.81	2023
3339	R0107734	22789028	DOYLE DOUGLAS & LORI JT	SECTION 19 TOWNSHIP 19N RANGE 22W FORT MOHAV	$4,041.10	2023 & PRIOR
3340	R0103646	22770088	LOW CHRISTINE S	SECTION 2 TOWNSHIP 19N RANGE 22W MARILYN AC	$1,107.50	2023 & PRIOR
3341	R0108947	22790036	CONTRERAS OSCAR A	SECTION 2 TOWNSHIP 19N RANGE 22W TRACT 1116	$587.82	2023 & PRIOR
3342	R0108981	22790105	PINE TREE	SECTION 2 TOWNSHIP 19N RANGE 22W TRACT 1116	$1,025.76	2023 & PRIOR
3343	R0108983	22791018	FARRAR PAUL M	SECTION 2 TOWNSHIP 19N RANGE 22W TRACT 1116	$122.87	2023
3344	R0109018	22791026	NICHOLS TRAVIS & VALERIE JT SC	SECTION 2 TOWNSHIP 19N RANGE 22W TRACT 1116	$650.57	2023
3345	R0109121	22792036	PETERSON NATALIE ROSA E	SECTION 2 TOWNSHIP 19N RANGE 22W TRACT 1116	$3,032.93	2023 & PRIOR
3346	R0109126	22791016	WHITE LELAND	SECTION 2 TOWNSHIP 19N RANGE 22W TRACT 1116	$1,697.34	2023 & PRIOR
3347	R0109418	22792032	WRIGHT JAMES	SECTION 2 TOWNSHIP 19N RANGE 22W TRACT 1116	$545.96	2023 & PRIOR
3348	R0112064	22792186	BURKE TODD W & DELAP MANI J	SECTION 2 TOWNSHIP 19N RANGE 22W TRACT 1116	$2,036.40	2023 & PRIOR
3349	R0112107	22792190	BURKE TODD W & DELAP MANI J	SECTION 2 TOWNSHIP 19N RANGE 22W TRACT 1116	$2,730.30	2023 & PRIOR
3350	R0113642	22792200	ROYAL JIM P	SECTION 2 TOWNSHIP 19N RANGE 22W TRACT 1116	$2,527.00	2023 & PRIOR
3351	R0114087	22793086	RAMAY FEATHERSTONE LLC & VENUS	SECTION 2 TOWNSHIP 19N RANGE 22W TRACT 1116	$2,527.00	2023 & PRIOR
3352	R0114417	22793087	RAMAY FEATHERSTONE LLC & VENUS	SECTION 2 TOWNSHIP 19N RANGE 22W TRACT 1116	$2,527.00	2023 & PRIOR
3353	R0114417	22793091	AUSBY GARY	SECTION 2 TOWNSHIP 19N RANGE 22W TRACT 1116	$2,248.76	2023
3354	R0114436	22797011	OZHAN OMER A	SECTION 2 TOWNSHIP 19N RANGE 22W TRACT 1116	$1,300.08	2023
3355	R0114554	22797103	MARK ANTHONY A	SECTION 2 TOWNSHIP 19N RANGE 22W TRACT 1116	$484.70	2023
3356	R0114557	22797105	PADDOCK DEREK B & THERESE M	SECTION 2 TOWNSHIP 19N RANGE 22W TRACT 1116	$1,131.48	2023 & PRIOR
3357	R0114597	22797113	AZABE WENDY C	SECTION 2 TOWNSHIP 19N RANGE 22W TRACT 1116	$422.26	2023
3358	R0114634	22797144	DEGNER NORMA	SECTION 2 TOWNSHIP 19N RANGE 22W TRACT 1116	$412.84	2023
3359	R0114691	22797152A	GYI LOAN	SECTION 2 TOWNSHIP 19N RANGE 22W TTIN RZ20E	$1,122.22	2023
3360	R0115061	22797204	NELSON SYBRINA K	SECTION 2 TOWNSHIP 19N RANGE 22W TTIN RZ20E	$363.80	2023
3361	R0115266	22809088	COOPER DWAINE L	SECTION 2 TOWNSHIP 19N RANGE 22W CAMP MOHAV	$449.18	2023
3362	R0115273	22810063	VASQUEZ JESUS	SECTION 2 TOWNSHIP 19N RANGE 22W CAMP MOHAV	$415.35	2023
3363	R0115320	22810164	MARTZONE JOHN JO	SECTION 2 TOWNSHIP 19N RANGE 22W CAMP MOHAV	$482.76	2023 & PRIOR
3364	R0115362	22810164	MARTZONE JOHN JO	SECTION 2 TOWNSHIP 19N RANGE 22W CAMP MOHAV	$482.76	2023 & PRIOR
3365	R0115381	22810186	MARTZONE JOHN JO	SECTION 2 TOWNSHIP 19N RANGE 22W CAMP MOHAV	$482.76	2023 & PRIOR
3366	R0115418	22812045	KRASOVIC SANDRA R	SECTION 2 TOWNSHIP 19N RANGE 22W CAMP MOHAV	$1,020.88	2023
3367	R0115466	22812130	GUERRERO YOLANDA	SECTION 2 TOWNSHIP 19N RANGE 22W CAMP MOHAV	$576.04	2023 & PRIOR
3368	R0115466	22812322	TOMHEKA TATIANA	SECTION 2 TOWNSHIP 19N RANGE 22W CAMP MOHAV	$1,363.84	2023
3369	R0115522	22812340	BOGDAN LORENA & MARIO	LOTS 14 THRU 21 SEC 29 T19N R21W BLK 7 CT6 1	$1,860.92	2023 & PRIOR
3370	R0115647	22815113	HOFFMAN CARL O III	SECTION 6 TOWNSHIP 19N RANGE 21W THE ELF 20	$412.55	2023
3371	R0115763	22815117	GREEN SHANNEN E	SECTION 6 TOWNSHIP 19N RANGE 21W THE ELF 20	$470.13	2023 & PRIOR
3372	R0115807	22815120	SIDDALL JAY	SECTION 6 TOWNSHIP 19N RANGE 21W THE ELF 20	$418.40	2023
3373	R0115832	22815137	DEVINE HOLDINGS LLC	SECTION 6 TOWNSHIP 19N RANGE 21W THE ELF 20	$496.48	2023
3374	R0115890	22815144	ASHI HISHAM GLIA SE	SECTION 6 TOWNSHIP 19N RANGE 21W THE ELF 20	$485.00	2023 & PRIOR
3375	R0115914	22815157	BRI & P VENTURE	SECTION 6 TOWNSHIP 19N RANGE 21W THE ELF 20	$688.55	2023 & PRIOR
3376	R0115934	22815170	RAMIREZ RODRIGO	SECTION 6 TOWNSHIP 19N RANGE 21W RAINBOW AC	$537.43	2023
3377	R0115960	22815196	BEIDLER JULIE	SECTION 6 TOWNSHIP 19N RANGE 21W RAINBOW AC	$527.35	2023
3378	R0116009	22817066	KESTERSON RAMONA	SECTION 6 TOWNSHIP 19N RANGE 21W RAINBOW AC	$472.20	2023 & PRIOR
3379	R0116071	22817069	CAMPOS BRANDAP	SECTION 6 TOWNSHIP 19N RANGE 21W RAINBOW AC	$505.86	2023 & PRIOR
3380	R0116117	22817086	RIQUEZ RAMON & LAURA C JT	SECTION 6 TOWNSHIP 19N RANGE 21W RAINBOW AC	$316.24	2023 & PRIOR
3381	R0116155	22817087	PEREZ BRANDY C	SECTION 6 TOWNSHIP 19N RANGE 21W RAINBOW AC	$1,245.93	2023 & PRIOR
3382	R0116186	22817100	SHEPARD JESSE S	SECTION 6 TOWNSHIP 19N RANGE 21W RAINBOW AC	$1,020.97	2023 & PRIOR
3383	R0116217	22817123	HP INVEST 22 QS LLC	TERRA DEL SOL TR 4026 FOR N84 SEC 33 19N 22W L	$2,087.38	2023
3384	R0116330	22817168	COURTNEY PLACE PROPERTY LLC	SECTION 6 TOWNSHIP 19N RANGE 21W RAINBOW AC	$365.27	2023
3385	R0116346	22817180	SHEATON KENNETH L & CLEOTA	SECTION 6 TOWNSHIP 19N RANGE 21W RAINBOW AC	$388.73	2023
3386	R0116370	22817210	ALLSHOUSE JAMES M	SECTION 6 TOWNSHIP 19N RANGE 21W RAINBOW AC	$1,225.56	2023
3387	R0116387	22819180	HARDESTY DAVID G TRUSTEE	SECTION 6 TOWNSHIP 19N RANGE 21W DESERT LAK	$1,373.26	2023 & PRIOR
3388	R0116398	22819206	HAGEN MICHELLE J JT SE	SECTION 6 TOWNSHIP 19N RANGE 21W LINDA VIST	$1,644.46	2023 & PRIOR
3389	R0116444	22821077	HARMON SANDRA J	SECTION 6 TOWNSHIP 19N RANGE 21W LINDA VIST	$1,112.51	2023 & PRIOR
3390	R0116512	22821113	MEUNGER ALAN	SECTION 6 TOWNSHIP 19N RANGE 21W LINDA VIST	$2,226.86	2023 & PRIOR
3391	R0116557	22822017	SPROCKER CAROLINE C	SECTION 6 TOWNSHIP 19N RANGE 21W LINDA VIST	$45.42	2023
3392	R0116593	22822031	CARROLL MATTHEW	SECTION 6 TOWNSHIP 19N RANGE 21W RAINBOW AC	$466.87	2023
3393	R0116615	22822053	STEVENS CHARLES R	SECTION 6 TOWNSHIP 19N RANGE 21W RAINBOW AC	$488.18	2023 & PRIOR
3394	R0116637	22822117	HAUCK JAMES	SECTION 6 TOWNSHIP 19N RANGE 21W RAINBOW AC	$561.10	2023 & PRIOR
3395	R0116659	22822143	WHITE TUCKER	SECTION 6 TOWNSHIP 19N RANGE 21W RAINBOW AC	$486.79	2023 & PRIOR
3396	R0116662	22822146	MCINTOSH MICHAEL	SECTION 6 TOWNSHIP 19N RANGE 21W RAINBOW AC	$452.86	2023 & PRIOR
3397	R0116681	22822155	BERNAL FRANK & IRENE C JT	SECTION 6 TOWNSHIP 19N RANGE 21W RAINBOW AC	$1,072.35	2023 & PRIOR
